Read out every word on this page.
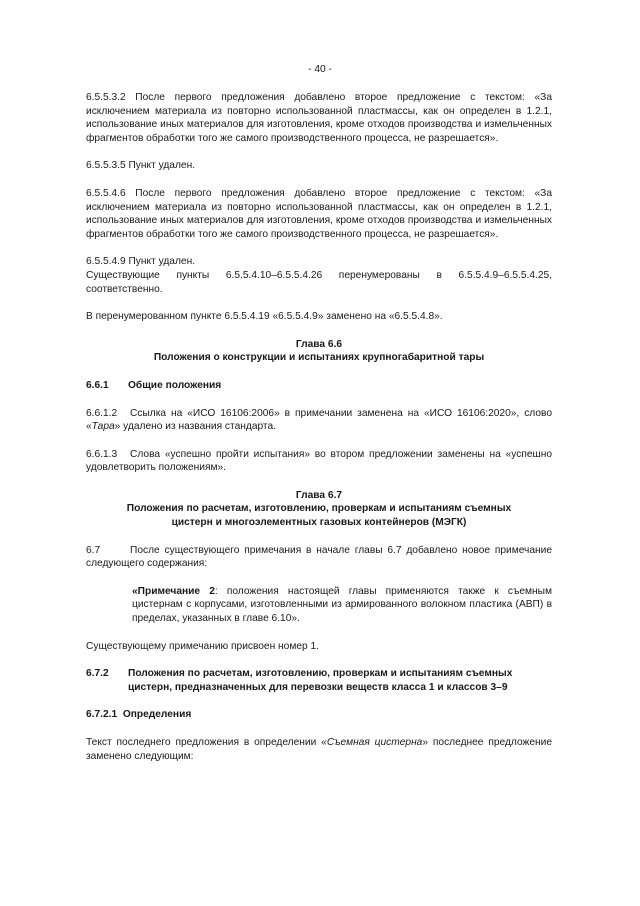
- 40 -

6.5.5.3.2 После первого предложения добавлено второе предложение с текстом: «За исключением материала из повторно использованной пластмассы, как он определен в 1.2.1, использование иных материалов для изготовления, кроме отходов производства и измельченных фрагментов обработки того же самого производственного процесса, не разрешается».

6.5.5.3.5 Пункт удален.

6.5.5.4.6 После первого предложения добавлено второе предложение с текстом: «За исключением материала из повторно использованной пластмассы, как он определен в 1.2.1, использование иных материалов для изготовления, кроме отходов производства и измельченных фрагментов обработки того же самого производственного процесса, не разрешается».

6.5.5.4.9 Пункт удален.

Существующие пункты 6.5.5.4.10–6.5.5.4.26 перенумерованы в 6.5.5.4.9–6.5.5.4.25, соответственно.

В перенумерованном пункте 6.5.5.4.19 «6.5.5.4.9» заменено на «6.5.5.4.8».

Глава 6.6
Положения о конструкции и испытаниях крупногабаритной тары
6.6.1	Общие положения

6.6.1.2 Ссылка на «ИСО 16106:2006» в примечании заменена на «ИСО 16106:2020», слово «Тара» удалено из названия стандарта.

6.6.1.3 Слова «успешно пройти испытания» во втором предложении заменены на «успешно удовлетворить положениям».

Глава 6.7
Положения по расчетам, изготовлению, проверкам и испытаниям съемных
цистерн и многоэлементных газовых контейнеров (МЭГК)

6.7	После существующего примечания в начале главы 6.7 добавлено новое примечание следующего содержания:

«Примечание 2: положения настоящей главы применяются также к съемным цистернам с корпусами, изготовленными из армированного волокном пластика (АВП) в пределах, указанных в главе 6.10».

Существующему примечанию присвоен номер 1.

6.7.2	Положения по расчетам, изготовлению, проверкам и испытаниям съемных цистерн, предназначенных для перевозки веществ класса 1 и классов 3–9
6.7.2.1
Определения

Текст последнего предложения в определении «Съемная цистерна» последнее предложение заменено следующим:
